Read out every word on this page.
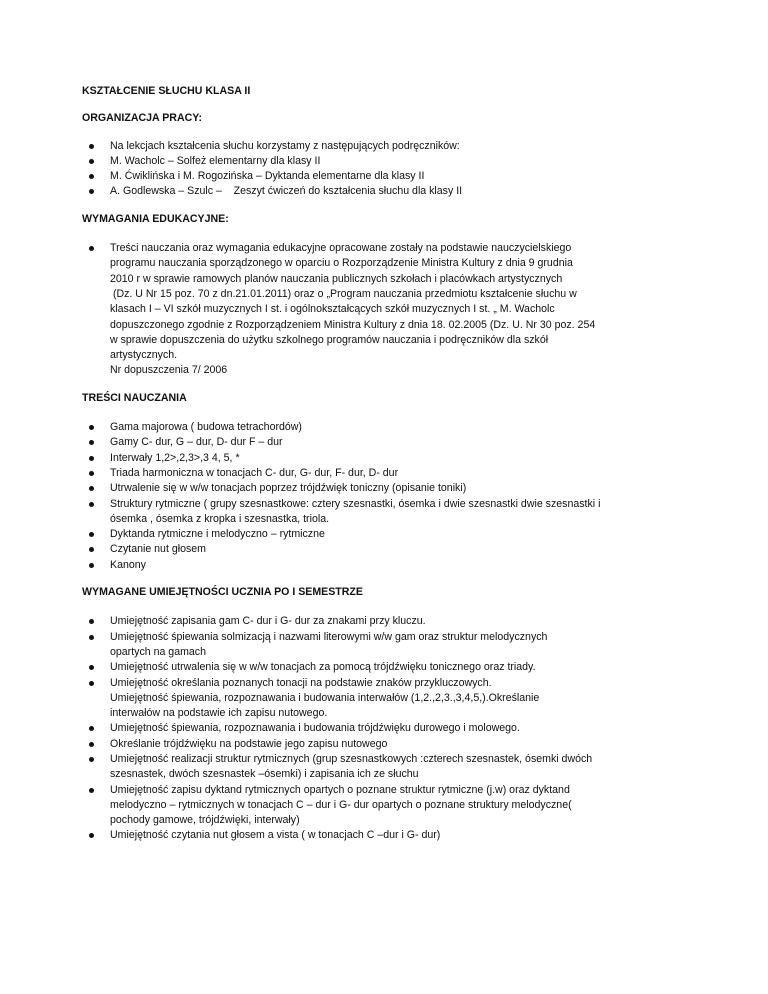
KSZTAŁCENIE SŁUCHU KLASA II
ORGANIZACJA PRACY:
Na lekcjach kształcenia słuchu korzystamy z następujących podręczników:
M. Wacholc – Solfeż elementarny dla klasy II
M. Ćwiklińska i M. Rogozińska – Dyktanda elementarne dla klasy II
A. Godlewska – Szulc –    Zeszyt ćwiczeń do kształcenia słuchu dla klasy II
WYMAGANIA EDUKACYJNE:
Treści nauczania oraz wymagania edukacyjne opracowane zostały na podstawie nauczycielskiego
programu nauczania sporządzonego w oparciu o Rozporządzenie Ministra Kultury z dnia 9 grudnia
2010 r w sprawie ramowych planów nauczania publicznych szkołach i placówkach artystycznych
(Dz. U Nr 15 poz. 70 z dn.21.01.2011) oraz o „Program nauczania przedmiotu kształcenie słuchu w
klasach I – VI szkół muzycznych I st. i ogólnokształcących szkół muzycznych I st. „ M. Wacholc
dopuszczonego zgodnie z Rozporządzeniem Ministra Kultury z dnia 18. 02.2005 (Dz. U. Nr 30 poz. 254
w sprawie dopuszczenia do użytku szkolnego programów nauczania i podręczników dla szkół
artystycznych.
Nr dopuszczenia 7/ 2006
TREŚCI NAUCZANIA
Gama majorowa ( budowa tetrachordów)
Gamy C- dur, G – dur, D- dur F – dur
Interwały 1,2>,2,3>,3 4, 5, *
Triada harmoniczna w tonacjach C- dur, G- dur, F- dur, D- dur
Utrwalenie się w w/w tonacjach poprzez trójdźwięk toniczny (opisanie toniki)
Struktury rytmiczne ( grupy szesnastkowe: cztery szesnastki, ósemka i dwie szesnastki dwie szesnastki i
ósemka , ósemka z kropka i szesnastka, triola.
Dyktanda rytmiczne i melodyczno – rytmiczne
Czytanie nut głosem
Kanony
WYMAGANE UMIEJĘTNOŚCI UCZNIA PO I SEMESTRZE
Umiejętność zapisania gam C- dur i G- dur za znakami przy kluczu.
Umiejętność śpiewania solmizacją i nazwami literowymi w/w gam oraz struktur melodycznych
opartych na gamach
Umiejętność utrwalenia się w w/w tonacjach za pomocą trójdźwięku tonicznego oraz triady.
Umiejętność określania poznanych tonacji na podstawie znaków przykluczowych.
Umiejętność śpiewania, rozpoznawania i budowania interwałów (1,2.,2,3.,3,4,5,).Określanie
interwałów na podstawie ich zapisu nutowego.
Umiejętność śpiewania, rozpoznawania i budowania trójdźwięku durowego i molowego.
Określanie trójdźwięku na podstawie jego zapisu nutowego
Umiejętność realizacji struktur rytmicznych (grup szesnastkowych :czterech szesnastek, ósemki dwóch
szesnastek, dwóch szesnastek –ósemki) i zapisania ich ze słuchu
Umiejętność zapisu dyktand rytmicznych opartych o poznane struktur rytmiczne (j.w) oraz dyktand
melodyczno – rytmicznych w tonacjach C – dur i G- dur opartych o poznane struktury melodyczne(
pochody gamowe, trójdźwięki, interwały)
Umiejętność czytania nut głosem a vista ( w tonacjach C –dur i G- dur)
